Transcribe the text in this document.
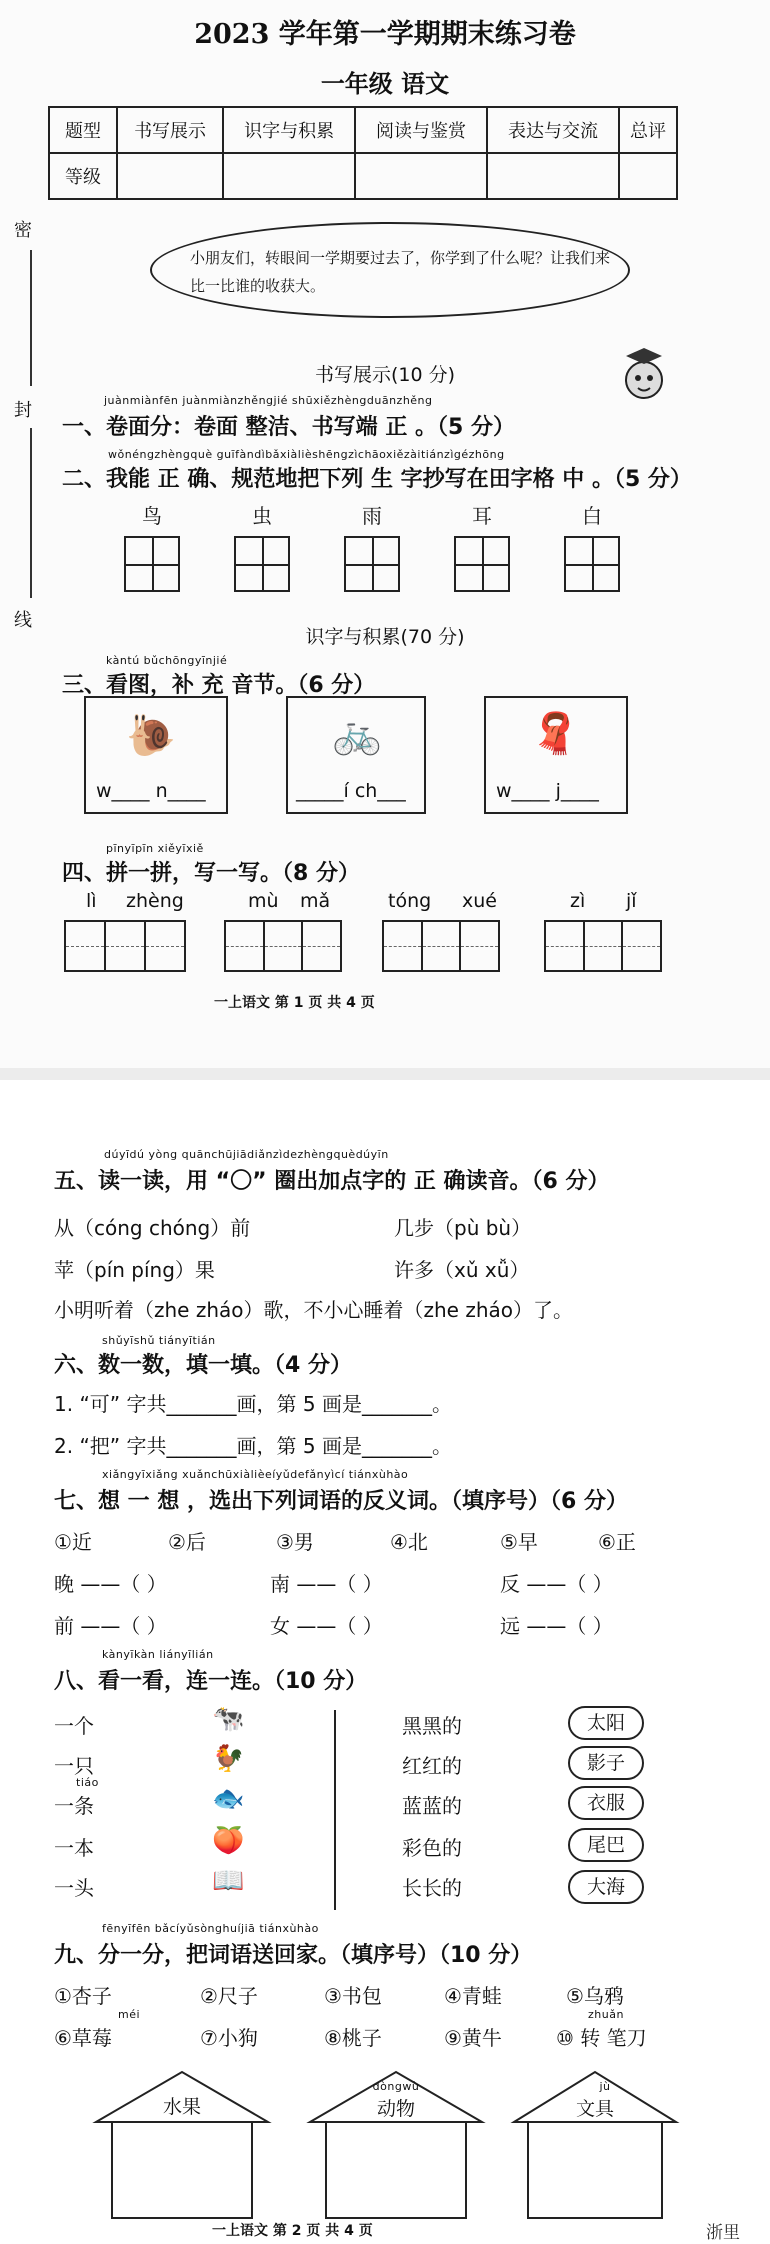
2023 学年第一学期期末练习卷
一年级 语文
题型	书写展示	识字与积累	阅读与鉴赏	表达与交流	总评
等级					
密
封
线
小朋友们，转眼间一学期要过去了，你学到了什么呢？让我们来比一比谁的收获大。
书写展示(10 分)
juànmiànfēn juànmiànzhěngjié shūxiězhèngduānzhěng
一、卷面分：卷面 整洁、书写端 正 。（5 分）
wǒnéngzhèngquè guīfàndìbǎxiàlièshēngzìchāoxiězàitiánzìgézhōng
二、我能 正 确、规范地把下列 生 字抄写在田字格 中 。（5 分）
鸟	虫	雨	耳	白
识字与积累(70 分)
kàntú bǔchōngyīnjié
三、看图，补 充 音节。（6 分）
🐌
w____ n____
🚲
_____í ch___
🧣
w____ j____
pīnyīpīn xiěyīxiě
四、拼一拼，写一写。（8 分）
lì zhèng	mù mǎ	tóng xué	zì jǐ
一上语文 第 1 页 共 4 页
dúyīdú yòng quānchūjiādiǎnzìdezhèngquèdúyīn
五、读一读，用 “〇” 圈出加点字的 正 确读音。（6 分）
从（cóng chóng）前	几步（pù bù）
苹（pín píng）果	许多（xǔ xǚ）
小明听着（zhe zháo）歌，不小心睡着（zhe zháo）了。
shǔyīshǔ tiányītián
六、数一数，填一填。（4 分）
1. “可” 字共_______画，第 5 画是_______。
2. “把” 字共_______画，第 5 画是_______。
xiǎngyīxiǎng xuǎnchūxiàlièeíyǔdefǎnyìcí tiánxùhào
七、想 一 想 ，选出下列词语的反义词。（填序号）（6 分）
①近	②后	③男	④北	⑤早	⑥正
晚 ——（ ）	南 ——（ ）	反 ——（ ）
前 ——（ ）	女 ——（ ）	远 ——（ ）
kànyīkàn liányīlián
八、看一看，连一连。（10 分）
一个
一只
tiáo
一条
一本
一头
🐄
🐓
🐟
🍑
📖
黑黑的
红红的
蓝蓝的
彩色的
长长的
太阳
影子
衣服
尾巴
大海
fēnyīfēn bǎcíyǔsònghuíjiā tiánxùhào
九、分一分，把词语送回家。（填序号）（10 分）
①杏子	②尺子	③书包	④青蛙	⑤乌鸦
méi	zhuǎn
⑥草莓	⑦小狗	⑧桃子	⑨黄牛	⑩ 转 笔刀
水果
dòngwù
动物
jù
文具
一上语文 第 2 页 共 4 页	浙里
